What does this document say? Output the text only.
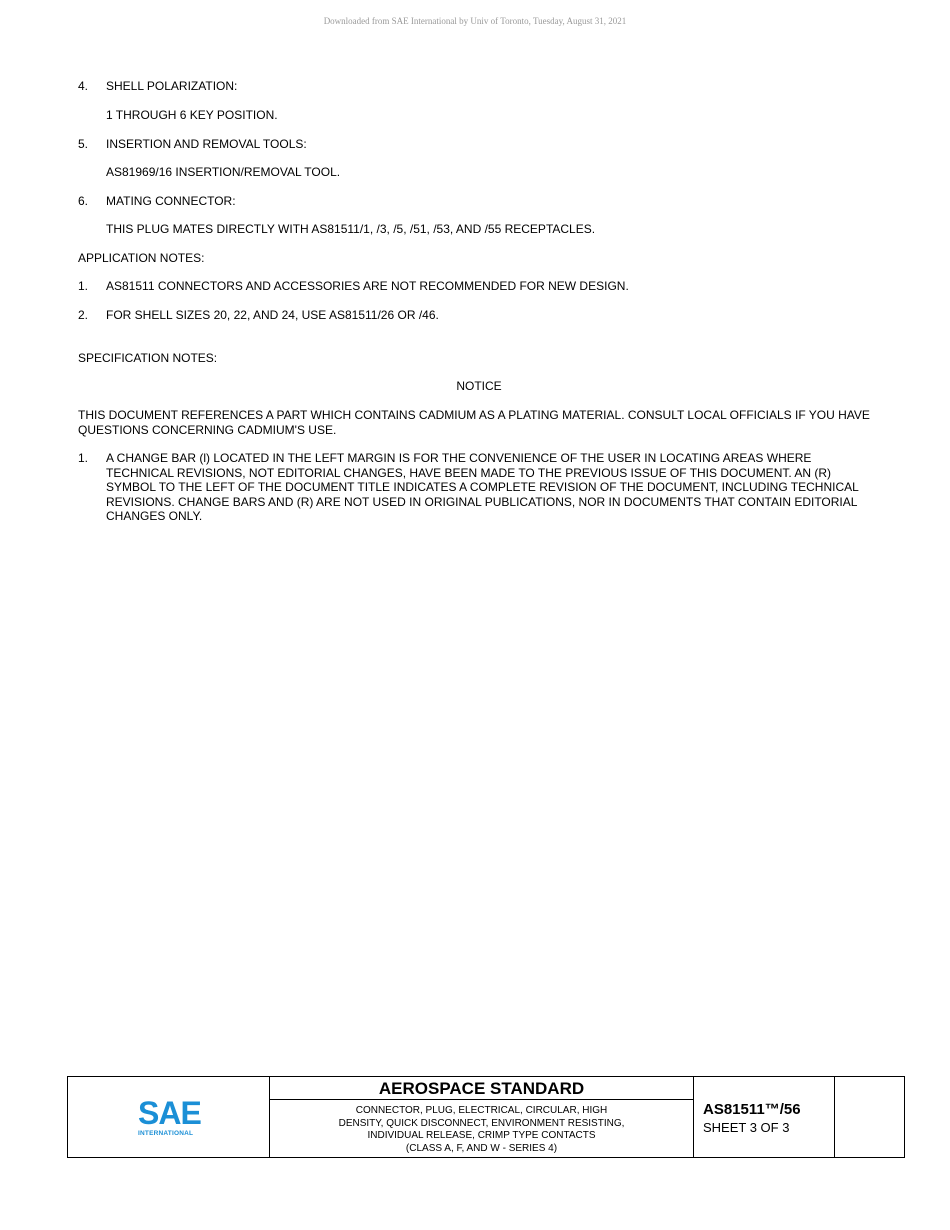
Downloaded from SAE International by Univ of Toronto, Tuesday, August 31, 2021
4. SHELL POLARIZATION:
1 THROUGH 6 KEY POSITION.
5. INSERTION AND REMOVAL TOOLS:
AS81969/16 INSERTION/REMOVAL TOOL.
6. MATING CONNECTOR:
THIS PLUG MATES DIRECTLY WITH AS81511/1, /3, /5, /51, /53, AND /55 RECEPTACLES.
APPLICATION NOTES:
1. AS81511 CONNECTORS AND ACCESSORIES ARE NOT RECOMMENDED FOR NEW DESIGN.
2. FOR SHELL SIZES 20, 22, AND 24, USE AS81511/26 OR /46.
SPECIFICATION NOTES:
NOTICE
THIS DOCUMENT REFERENCES A PART WHICH CONTAINS CADMIUM AS A PLATING MATERIAL. CONSULT LOCAL OFFICIALS IF YOU HAVE QUESTIONS CONCERNING CADMIUM'S USE.
1. A CHANGE BAR (l) LOCATED IN THE LEFT MARGIN IS FOR THE CONVENIENCE OF THE USER IN LOCATING AREAS WHERE TECHNICAL REVISIONS, NOT EDITORIAL CHANGES, HAVE BEEN MADE TO THE PREVIOUS ISSUE OF THIS DOCUMENT. AN (R) SYMBOL TO THE LEFT OF THE DOCUMENT TITLE INDICATES A COMPLETE REVISION OF THE DOCUMENT, INCLUDING TECHNICAL REVISIONS. CHANGE BARS AND (R) ARE NOT USED IN ORIGINAL PUBLICATIONS, NOR IN DOCUMENTS THAT CONTAIN EDITORIAL CHANGES ONLY.
SAE
INTERNATIONAL
AEROSPACE STANDARD
CONNECTOR, PLUG, ELECTRICAL, CIRCULAR, HIGH
DENSITY, QUICK DISCONNECT, ENVIRONMENT RESISTING,
INDIVIDUAL RELEASE, CRIMP TYPE CONTACTS
(CLASS A, F, AND W - SERIES 4)
AS81511™/56
SHEET 3 OF 3
